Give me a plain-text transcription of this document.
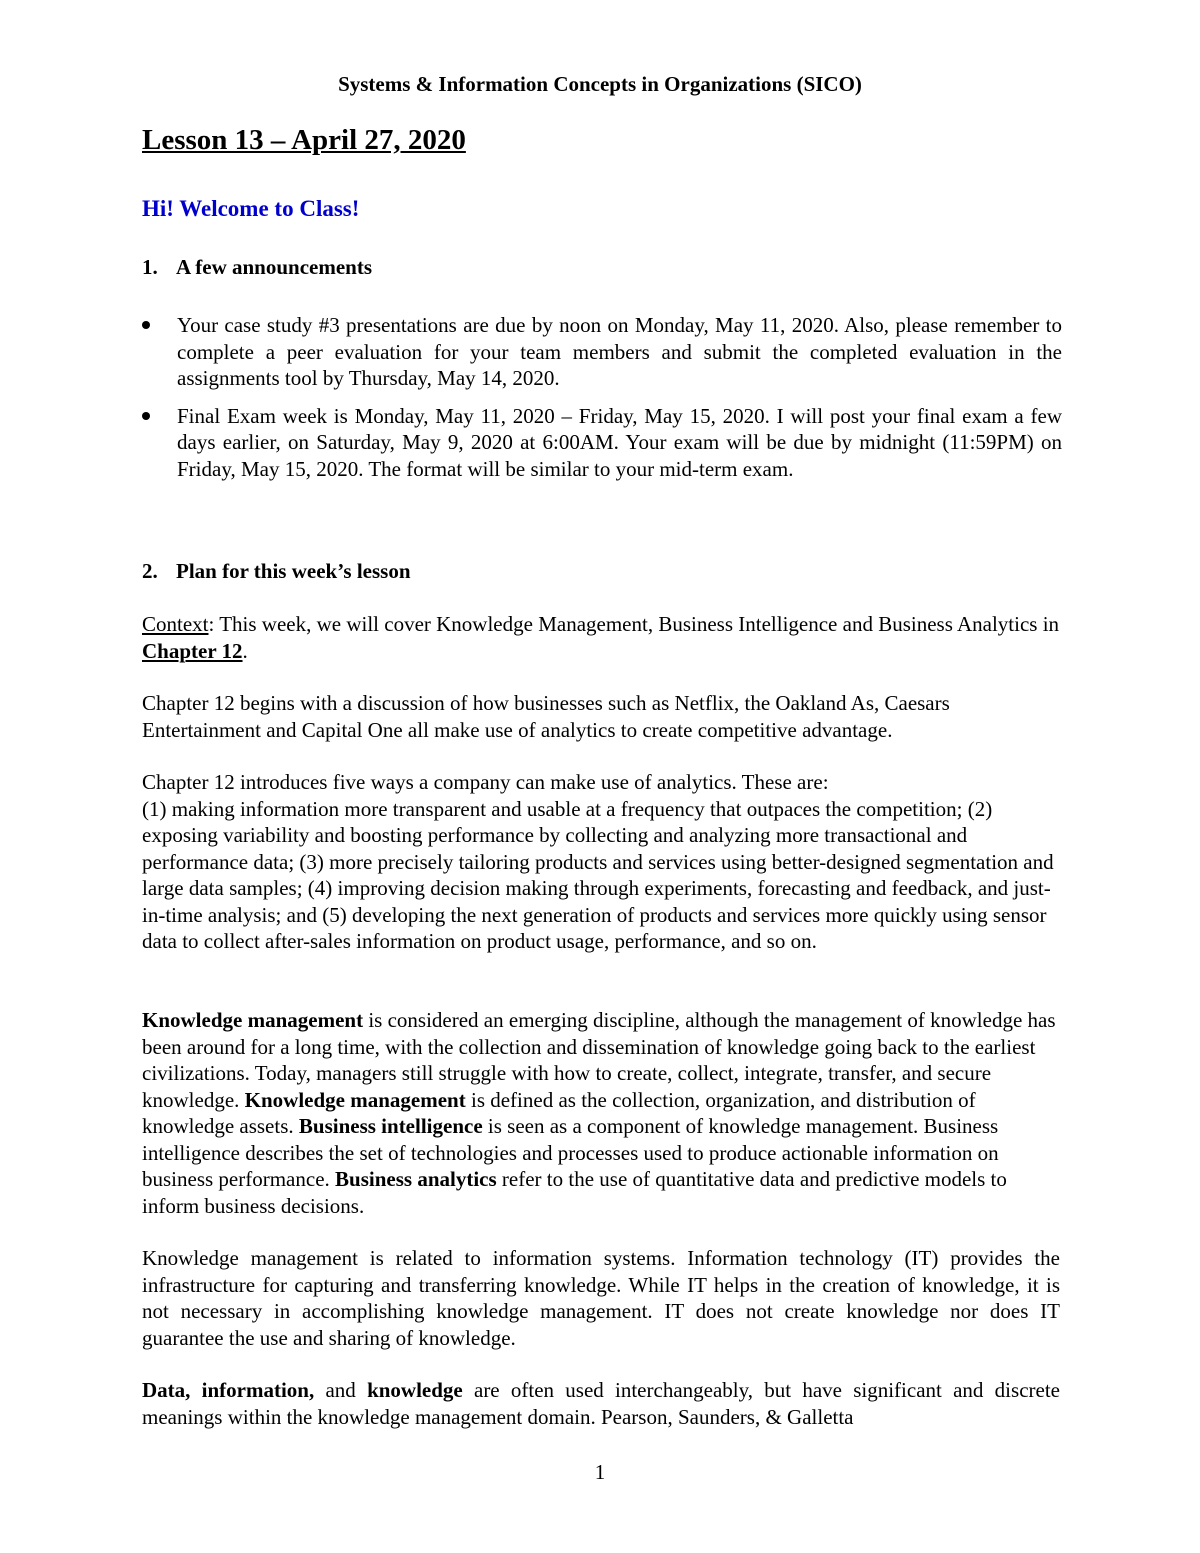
Systems & Information Concepts in Organizations (SICO)
Lesson 13 – April 27, 2020
Hi! Welcome to Class!
1. A few announcements
Your case study #3 presentations are due by noon on Monday, May 11, 2020. Also, please remember to complete a peer evaluation for your team members and submit the completed evaluation in the assignments tool by Thursday, May 14, 2020.
Final Exam week is Monday, May 11, 2020 – Friday, May 15, 2020. I will post your final exam a few days earlier, on Saturday, May 9, 2020 at 6:00AM. Your exam will be due by midnight (11:59PM) on Friday, May 15, 2020. The format will be similar to your mid-term exam.
2. Plan for this week’s lesson

Context: This week, we will cover Knowledge Management, Business Intelligence and Business Analytics in Chapter 12.

Chapter 12 begins with a discussion of how businesses such as Netflix, the Oakland As, Caesars Entertainment and Capital One all make use of analytics to create competitive advantage.

Chapter 12 introduces five ways a company can make use of analytics. These are:
(1) making information more transparent and usable at a frequency that outpaces the competition; (2) exposing variability and boosting performance by collecting and analyzing more transactional and performance data; (3) more precisely tailoring products and services using better-designed segmentation and large data samples; (4) improving decision making through experiments, forecasting and feedback, and just-in-time analysis; and (5) developing the next generation of products and services more quickly using sensor data to collect after-sales information on product usage, performance, and so on.

Knowledge management is considered an emerging discipline, although the management of knowledge has been around for a long time, with the collection and dissemination of knowledge going back to the earliest civilizations. Today, managers still struggle with how to create, collect, integrate, transfer, and secure knowledge. Knowledge management is defined as the collection, organization, and distribution of knowledge assets. Business intelligence is seen as a component of knowledge management. Business intelligence describes the set of technologies and processes used to produce actionable information on business performance. Business analytics refer to the use of quantitative data and predictive models to inform business decisions.

Knowledge management is related to information systems. Information technology (IT) provides the infrastructure for capturing and transferring knowledge. While IT helps in the creation of knowledge, it is not necessary in accomplishing knowledge management. IT does not create knowledge nor does IT guarantee the use and sharing of knowledge.

Data, information, and knowledge are often used interchangeably, but have significant and discrete meanings within the knowledge management domain. Pearson, Saunders, & Galletta

1
